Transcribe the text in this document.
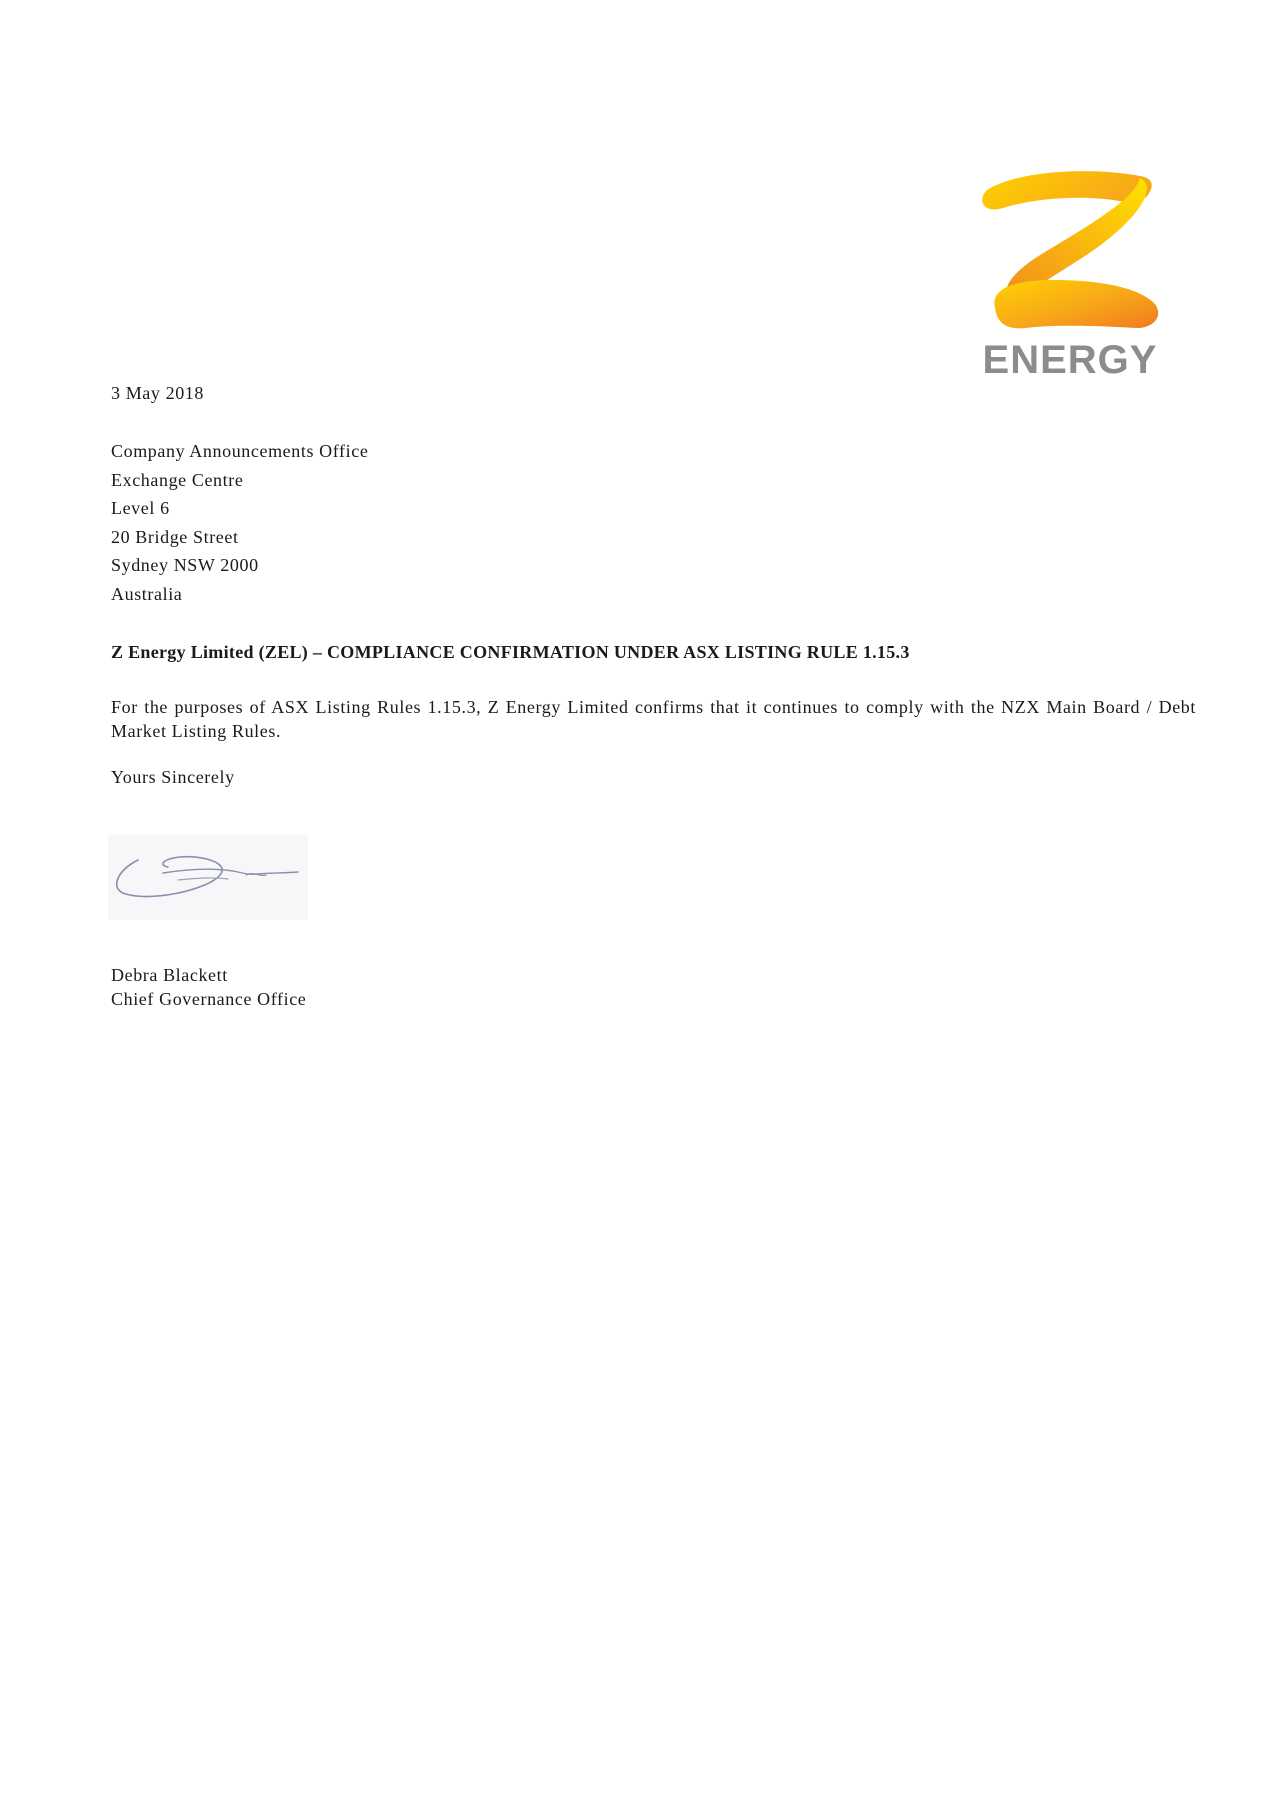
ENERGY
3 May 2018
Company Announcements Office
Exchange Centre
Level 6
20 Bridge Street
Sydney NSW 2000
Australia
Z Energy Limited (ZEL) – COMPLIANCE CONFIRMATION UNDER ASX LISTING RULE 1.15.3
For the purposes of ASX Listing Rules 1.15.3, Z Energy Limited confirms that it continues to comply with the NZX Main Board / Debt Market Listing Rules.
Yours Sincerely
Debra Blackett
Chief Governance Office
